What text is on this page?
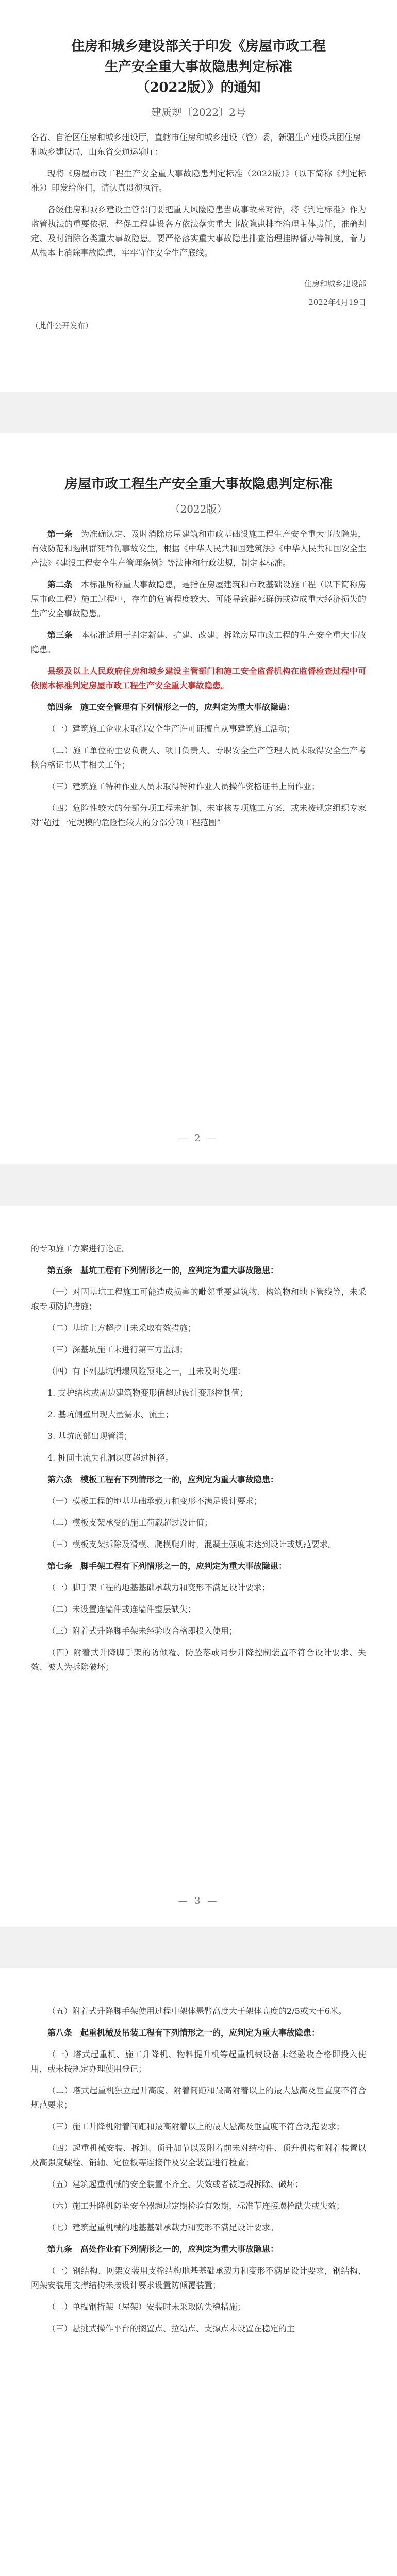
住房和城乡建设部关于印发《房屋市政工程

生产安全重大事故隐患判定标准

（2022版）》的通知

建质规〔2022〕2号

各省、自治区住房和城乡建设厅，直辖市住房和城乡建设（管）委，新疆生产建设兵团住房和城乡建设局，山东省交通运输厅：

现将《房屋市政工程生产安全重大事故隐患判定标准（2022版）》（以下简称《判定标准》）印发给你们，请认真贯彻执行。

各级住房和城乡建设主管部门要把重大风险隐患当成事故来对待，将《判定标准》作为监管执法的重要依据，督促工程建设各方依法落实重大事故隐患排查治理主体责任，准确判定、及时消除各类重大事故隐患。要严格落实重大事故隐患排查治理挂牌督办等制度，着力从根本上消除事故隐患，牢牢守住安全生产底线。

住房和城乡建设部

2022年4月19日

（此件公开发布）

房屋市政工程生产安全重大事故隐患判定标准

（2022版）

第一条　 为准确认定、及时消除房屋建筑和市政基础设施工程生产安全重大事故隐患，有效防范和遏制群死群伤事故发生，根据《中华人民共和国建筑法》《中华人民共和国安全生产法》《建设工程安全生产管理条例》等法律和行政法规，制定本标准。

第二条　 本标准所称重大事故隐患，是指在房屋建筑和市政基础设施工程（以下简称房屋市政工程）施工过程中，存在的危害程度较大、可能导致群死群伤或造成重大经济损失的生产安全事故隐患。

第三条　 本标准适用于判定新建、扩建、改建、拆除房屋市政工程的生产安全重大事故隐患。

县级及以上人民政府住房和城乡建设主管部门和施工安全监督机构在监督检查过程中可依照本标准判定房屋市政工程生产安全重大事故隐患。

第四条　 施工安全管理有下列情形之一的，应判定为重大事故隐患：

（一）建筑施工企业未取得安全生产许可证擅自从事建筑施工活动；

（二）施工单位的主要负责人、项目负责人、专职安全生产管理人员未取得安全生产考核合格证书从事相关工作；

（三）建筑施工特种作业人员未取得特种作业人员操作资格证书上岗作业；

（四）危险性较大的分部分项工程未编制、未审核专项施工方案，或未按规定组织专家对“超过一定规模的危险性较大的分部分项工程范围”

— 2 —

的专项施工方案进行论证。

第五条　 基坑工程有下列情形之一的，应判定为重大事故隐患：

（一）对因基坑工程施工可能造成损害的毗邻重要建筑物、构筑物和地下管线等，未采取专项防护措施；

（二）基坑土方超挖且未采取有效措施；

（三）深基坑施工未进行第三方监测；

（四）有下列基坑坍塌风险预兆之一，且未及时处理：

1. 支护结构或周边建筑物变形值超过设计变形控制值；

2. 基坑侧壁出现大量漏水、流土；

3. 基坑底部出现管涌；

4. 桩间土流失孔洞深度超过桩径。

第六条　 模板工程有下列情形之一的，应判定为重大事故隐患：

（一）模板工程的地基基础承载力和变形不满足设计要求；

（二）模板支架承受的施工荷载超过设计值；

（三）模板支架拆除及滑模、爬模爬升时，混凝土强度未达到设计或规范要求。

第七条　 脚手架工程有下列情形之一的，应判定为重大事故隐患：

（一）脚手架工程的地基基础承载力和变形不满足设计要求；

（二）未设置连墙件或连墙件整层缺失；

（三）附着式升降脚手架未经验收合格即投入使用；

（四）附着式升降脚手架的防倾覆、防坠落或同步升降控制装置不符合设计要求、失效、被人为拆除破坏；

— 3 —

（五）附着式升降脚手架使用过程中架体悬臂高度大于架体高度的2/5或大于6米。

第八条　 起重机械及吊装工程有下列情形之一的，应判定为重大事故隐患：

（一）塔式起重机、施工升降机、物料提升机等起重机械设备未经验收合格即投入使用，或未按规定办理使用登记；

（二）塔式起重机独立起升高度、附着间距和最高附着以上的最大悬高及垂直度不符合规范要求；

（三）施工升降机附着间距和最高附着以上的最大悬高及垂直度不符合规范要求；

（四）起重机械安装、拆卸、顶升加节以及附着前未对结构件、顶升机构和附着装置以及高强度螺栓、销轴、定位板等连接件及安全装置进行检查；

（五）建筑起重机械的安全装置不齐全、失效或者被违规拆除、破坏；

（六）施工升降机防坠安全器超过定期检验有效期，标准节连接螺栓缺失或失效；

（七）建筑起重机械的地基基础承载力和变形不满足设计要求。

第九条　 高处作业有下列情形之一的，应判定为重大事故隐患：

（一）钢结构、网架安装用支撑结构地基基础承载力和变形不满足设计要求，钢结构、网架安装用支撑结构未按设计要求设置防倾覆装置；

（二）单榀钢桁架（屋架）安装时未采取防失稳措施；

（三）悬挑式操作平台的搁置点、拉结点、支撑点未设置在稳定的主
